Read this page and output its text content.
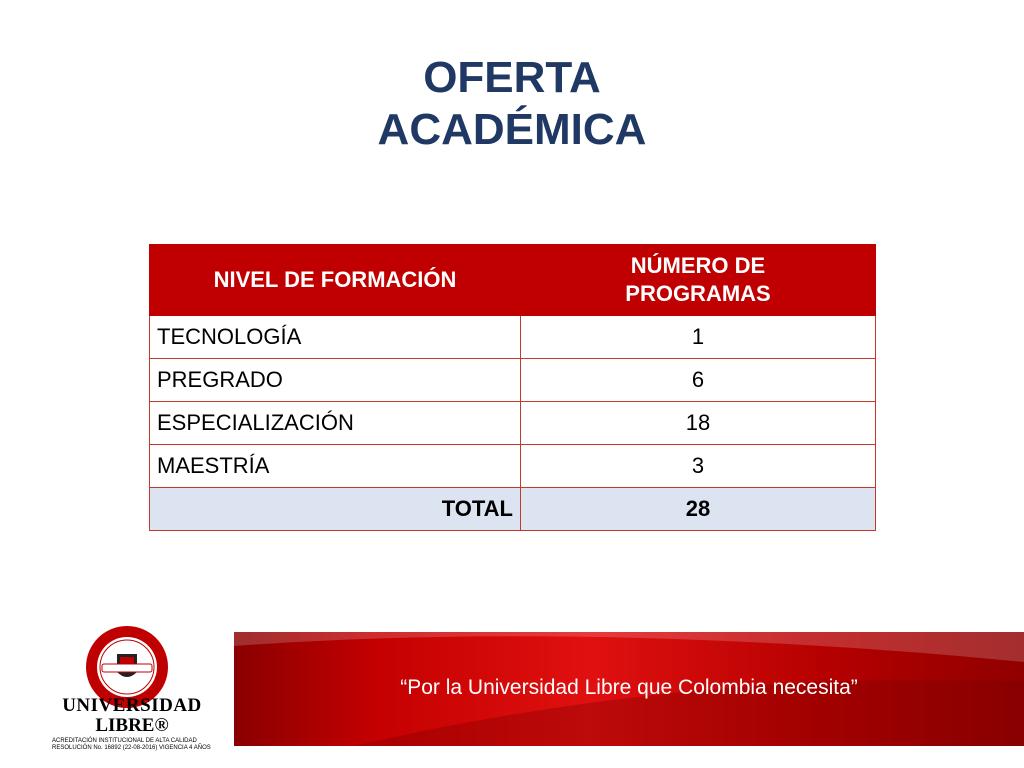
OFERTA
ACADÉMICA
NIVEL DE FORMACIÓN	NÚMERO DE PROGRAMAS
TECNOLOGÍA	1
PREGRADO	6
ESPECIALIZACIÓN	18
MAESTRÍA	3
TOTAL	28
UNIVERSIDAD
LIBRE®
ACREDITACIÓN INSTITUCIONAL DE ALTA CALIDAD
RESOLUCIÓN No. 16892 (22-08-2016) VIGENCIA 4 AÑOS
“Por la Universidad Libre que Colombia necesita”
